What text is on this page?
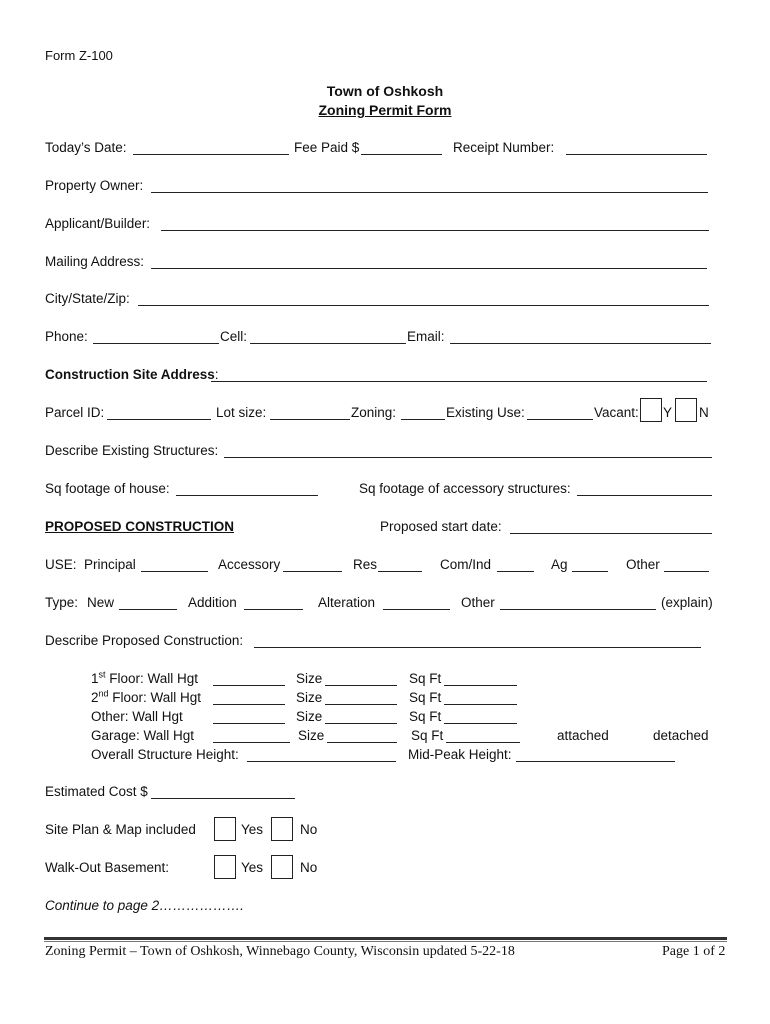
Form Z-100
Town of Oshkosh
Zoning Permit Form
Today’s Date:	Fee Paid $	Receipt Number:
Property Owner:
Applicant/Builder:
Mailing Address:
City/State/Zip:
Phone:	Cell:	Email:
Construction Site Address:
Parcel ID:	Lot size:	Zoning:	Existing Use:	Vacant: Y N
Describe Existing Structures:
Sq footage of house:	Sq footage of accessory structures:
PROPOSED CONSTRUCTION	Proposed start date:
USE: Principal	Accessory	Res	Com/Ind	Ag	Other
Type: New	Addition	Alteration	Other	(explain)
Describe Proposed Construction:
1st Floor: Wall Hgt	Size	Sq Ft
2nd Floor: Wall Hgt	Size	Sq Ft
Other: Wall Hgt	Size	Sq Ft
Garage: Wall Hgt	Size	Sq Ft	attached	detached
Overall Structure Height:	Mid-Peak Height:
Estimated Cost $
Site Plan & Map included	Yes	No
Walk-Out Basement:	Yes	No
Continue to page 2……………….
Zoning Permit – Town of Oshkosh, Winnebago County, Wisconsin updated 5-22-18	Page 1 of 2
